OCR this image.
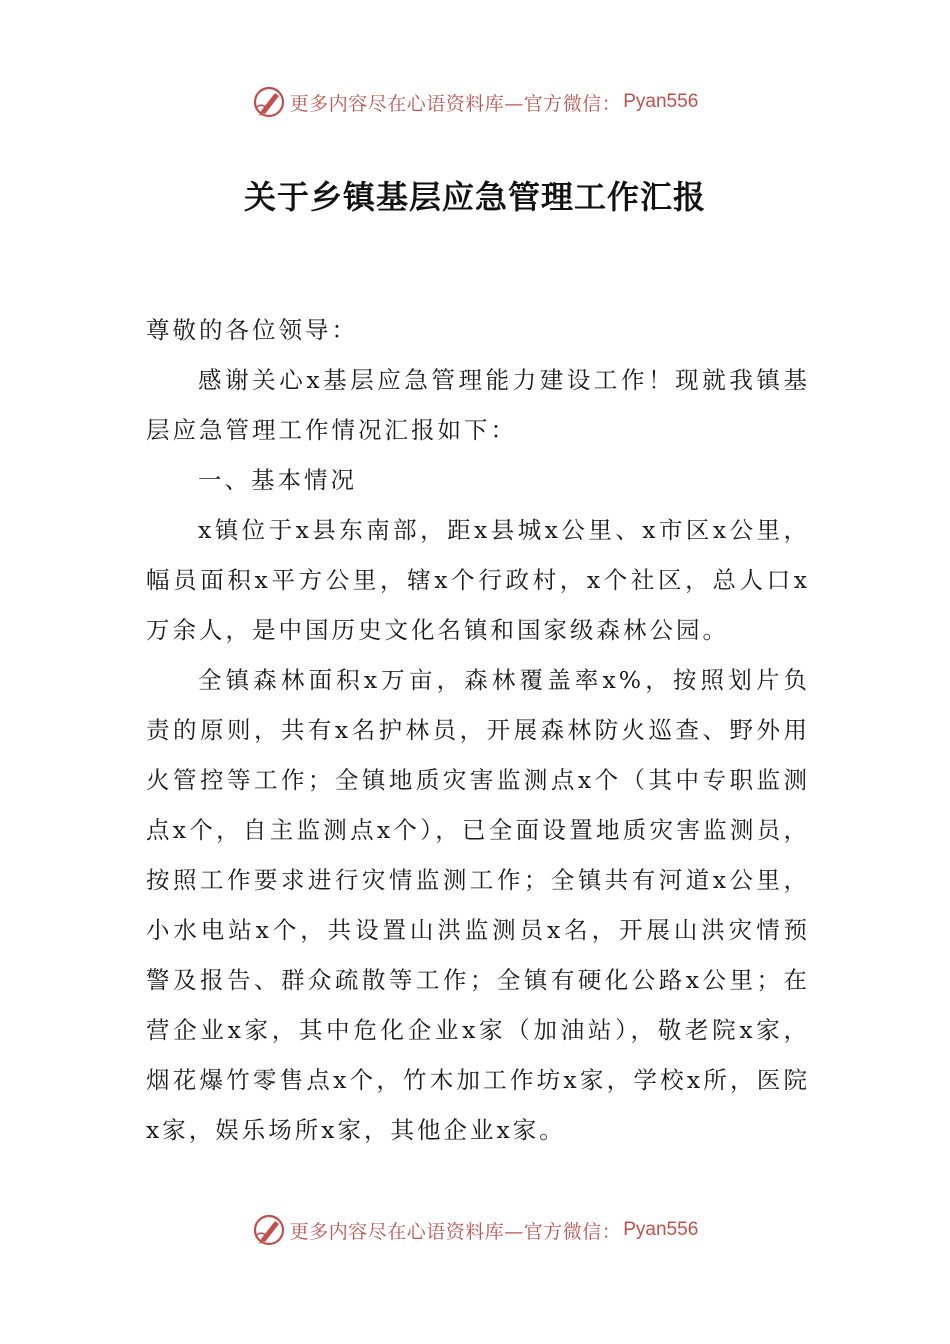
更多内容尽在心语资料库—官方微信： Pyan556
关于乡镇基层应急管理工作汇报

尊敬的各位领导：

感谢关心x基层应急管理能力建设工作！现就我镇基层应急管理工作情况汇报如下：

一、基本情况

x镇位于x县东南部，距x县城x公里、x市区x公里，幅员面积x平方公里，辖x个行政村，x个社区，总人口x万余人，是中国历史文化名镇和国家级森林公园。

全镇森林面积x万亩，森林覆盖率x%，按照划片负责的原则，共有x名护林员，开展森林防火巡查、野外用火管控等工作；全镇地质灾害监测点x个（其中专职监测点x个，自主监测点x个），已全面设置地质灾害监测员，按照工作要求进行灾情监测工作；全镇共有河道x公里，小水电站x个，共设置山洪监测员x名，开展山洪灾情预警及报告、群众疏散等工作；全镇有硬化公路x公里；在营企业x家，其中危化企业x家（加油站），敬老院x家，烟花爆竹零售点x个，竹木加工作坊x家，学校x所，医院x家，娱乐场所x家，其他企业x家。

更多内容尽在心语资料库—官方微信： Pyan556
